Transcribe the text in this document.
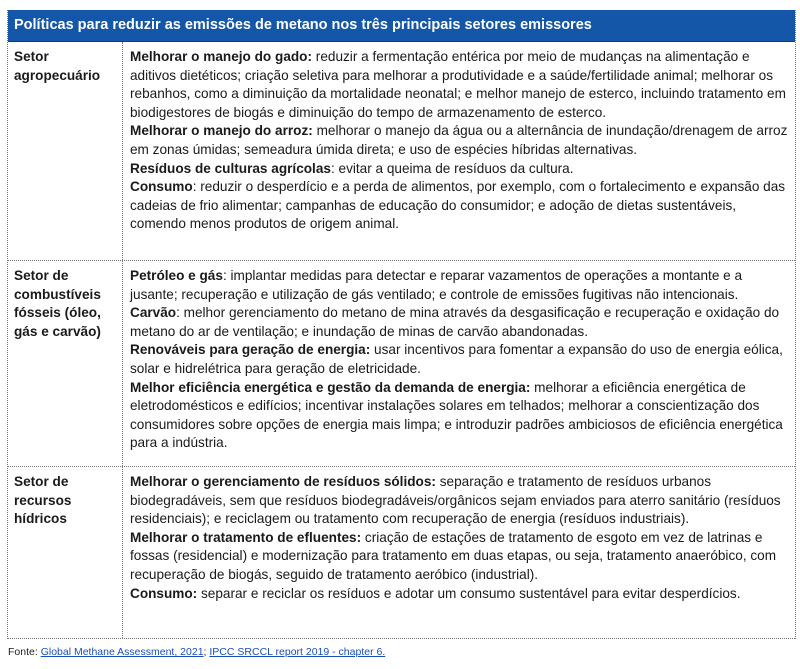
Políticas para reduzir as emissões de metano nos três principais setores emissores
Setor agropecuário

Melhorar o manejo do gado: reduzir a fermentação entérica por meio de mudanças na alimentação e aditivos dietéticos; criação seletiva para melhorar a produtividade e a saúde/fertilidade animal; melhorar os rebanhos, como a diminuição da mortalidade neonatal; e melhor manejo de esterco, incluindo tratamento em biodigestores de biogás e diminuição do tempo de armazenamento de esterco.

Melhorar o manejo do arroz: melhorar o manejo da água ou a alternância de inundação/drenagem de arroz em zonas úmidas; semeadura úmida direta; e uso de espécies híbridas alternativas.

Resíduos de culturas agrícolas: evitar a queima de resíduos da cultura.

Consumo: reduzir o desperdício e a perda de alimentos, por exemplo, com o fortalecimento e expansão das cadeias de frio alimentar; campanhas de educação do consumidor; e adoção de dietas sustentáveis, comendo menos produtos de origem animal.

Setor de combustíveis fósseis (óleo, gás e carvão)

Petróleo e gás: implantar medidas para detectar e reparar vazamentos de operações a montante e a jusante; recuperação e utilização de gás ventilado; e controle de emissões fugitivas não intencionais.

Carvão: melhor gerenciamento do metano de mina através da desgasificação e recuperação e oxidação do metano do ar de ventilação; e inundação de minas de carvão abandonadas.

Renováveis para geração de energia: usar incentivos para fomentar a expansão do uso de energia eólica, solar e hidrelétrica para geração de eletricidade.

Melhor eficiência energética e gestão da demanda de energia: melhorar a eficiência energética de eletrodomésticos e edifícios; incentivar instalações solares em telhados; melhorar a conscientização dos consumidores sobre opções de energia mais limpa; e introduzir padrões ambiciosos de eficiência energética para a indústria.

Setor de recursos hídricos

Melhorar o gerenciamento de resíduos sólidos: separação e tratamento de resíduos urbanos biodegradáveis, sem que resíduos biodegradáveis/orgânicos sejam enviados para aterro sanitário (resíduos residenciais); e reciclagem ou tratamento com recuperação de energia (resíduos industriais).

Melhorar o tratamento de efluentes: criação de estações de tratamento de esgoto em vez de latrinas e fossas (residencial) e modernização para tratamento em duas etapas, ou seja, tratamento anaeróbico, com recuperação de biogás, seguido de tratamento aeróbico (industrial).

Consumo: separar e reciclar os resíduos e adotar um consumo sustentável para evitar desperdícios.

Fonte: Global Methane Assessment, 2021; IPCC SRCCL report 2019 - chapter 6.
